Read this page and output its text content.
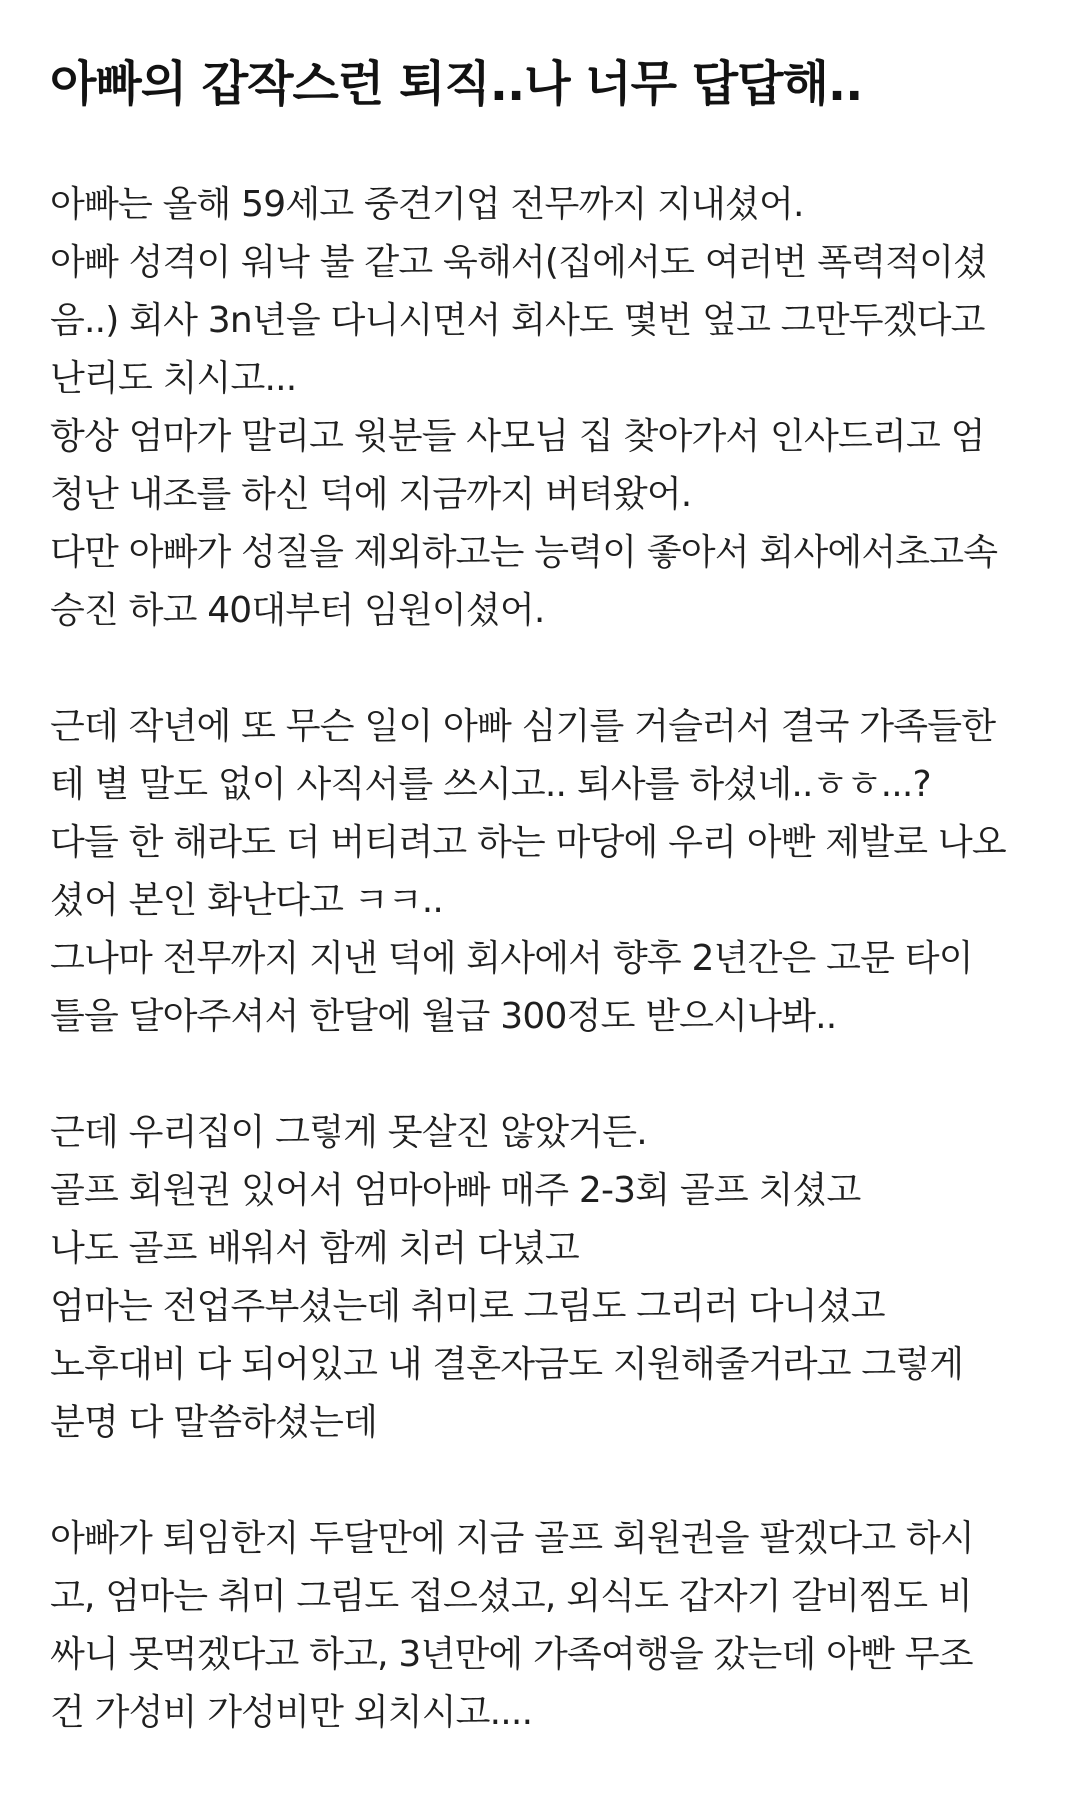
아빠의 갑작스런 퇴직..나 너무 답답해..
아빠는 올해 59세고 중견기업 전무까지 지내셨어.
아빠 성격이 워낙 불 같고 욱해서(집에서도 여러번 폭력적이셨
음..) 회사 3n년을 다니시면서 회사도 몇번 엎고 그만두겠다고
난리도 치시고...
항상 엄마가 말리고 윗분들 사모님 집 찾아가서 인사드리고 엄
청난 내조를 하신 덕에 지금까지 버텨왔어.
다만 아빠가 성질을 제외하고는 능력이 좋아서 회사에서초고속
승진 하고 40대부터 임원이셨어.
근데 작년에 또 무슨 일이 아빠 심기를 거슬러서 결국 가족들한
테 별 말도 없이 사직서를 쓰시고.. 퇴사를 하셨네..ㅎㅎ...?
다들 한 해라도 더 버티려고 하는 마당에 우리 아빤 제발로 나오
셨어 본인 화난다고 ㅋㅋ..
그나마 전무까지 지낸 덕에 회사에서 향후 2년간은 고문 타이
틀을 달아주셔서 한달에 월급 300정도 받으시나봐..
근데 우리집이 그렇게 못살진 않았거든.
골프 회원권 있어서 엄마아빠 매주 2-3회 골프 치셨고
나도 골프 배워서 함께 치러 다녔고
엄마는 전업주부셨는데 취미로 그림도 그리러 다니셨고
노후대비 다 되어있고 내 결혼자금도 지원해줄거라고 그렇게
분명 다 말씀하셨는데
아빠가 퇴임한지 두달만에 지금 골프 회원권을 팔겠다고 하시
고, 엄마는 취미 그림도 접으셨고, 외식도 갑자기 갈비찜도 비
싸니 못먹겠다고 하고, 3년만에 가족여행을 갔는데 아빤 무조
건 가성비 가성비만 외치시고....
